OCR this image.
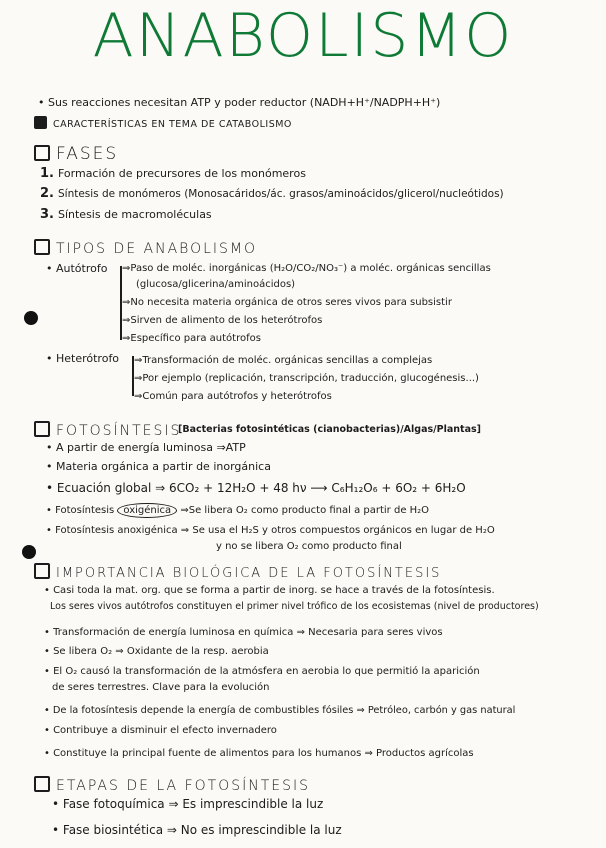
ANABOLISMO
• Sus reacciones necesitan ATP y poder reductor (NADH+H⁺/NADPH+H⁺)
CARACTERÍSTICAS EN TEMA DE CATABOLISMO
FASES
1. Formación de precursores de los monómeros
2. Síntesis de monómeros (Monosacáridos/ác. grasos/aminoácidos/glicerol/nucleótidos)
3. Síntesis de macromoléculas
TIPOS DE ANABOLISMO
• Autótrofo ⇒Paso de moléc. inorgánicas (H₂O/CO₂/NO₃⁻) a moléc. orgánicas sencillas
(glucosa/glicerina/aminoácidos)
⇒No necesita materia orgánica de otros seres vivos para subsistir
⇒Sirven de alimento de los heterótrofos
⇒Específico para autótrofos
• Heterótrofo ⇒Transformación de moléc. orgánicas sencillas a complejas
⇒Por ejemplo (replicación, transcripción, traducción, glucogénesis...)
⇒Común para autótrofos y heterótrofos
FOTOSÍNTESIS
[Bacterias fotosintéticas (cianobacterias)/Algas/Plantas]
• A partir de energía luminosa ⇒ATP
• Materia orgánica a partir de inorgánica
• Ecuación global ⇒ 6CO₂ + 12H₂O + 48 hν ⟶ C₆H₁₂O₆ + 6O₂ + 6H₂O
• Fotosíntesis oxigénica ⇒Se libera O₂ como producto final a partir de H₂O
• Fotosíntesis anoxigénica ⇒ Se usa el H₂S y otros compuestos orgánicos en lugar de H₂O
y no se libera O₂ como producto final
IMPORTANCIA BIOLÓGICA DE LA FOTOSÍNTESIS
• Casi toda la mat. org. que se forma a partir de inorg. se hace a través de la fotosíntesis.
Los seres vivos autótrofos constituyen el primer nivel trófico de los ecosistemas (nivel de productores)
• Transformación de energía luminosa en química ⇒ Necesaria para seres vivos
• Se libera O₂ ⇒ Oxidante de la resp. aerobia
• El O₂ causó la transformación de la atmósfera en aerobia lo que permitió la aparición
de seres terrestres. Clave para la evolución
• De la fotosíntesis depende la energía de combustibles fósiles ⇒ Petróleo, carbón y gas natural
• Contribuye a disminuir el efecto invernadero
• Constituye la principal fuente de alimentos para los humanos ⇒ Productos agrícolas
ETAPAS DE LA FOTOSÍNTESIS
• Fase fotoquímica ⇒ Es imprescindible la luz
• Fase biosintética ⇒ No es imprescindible la luz
